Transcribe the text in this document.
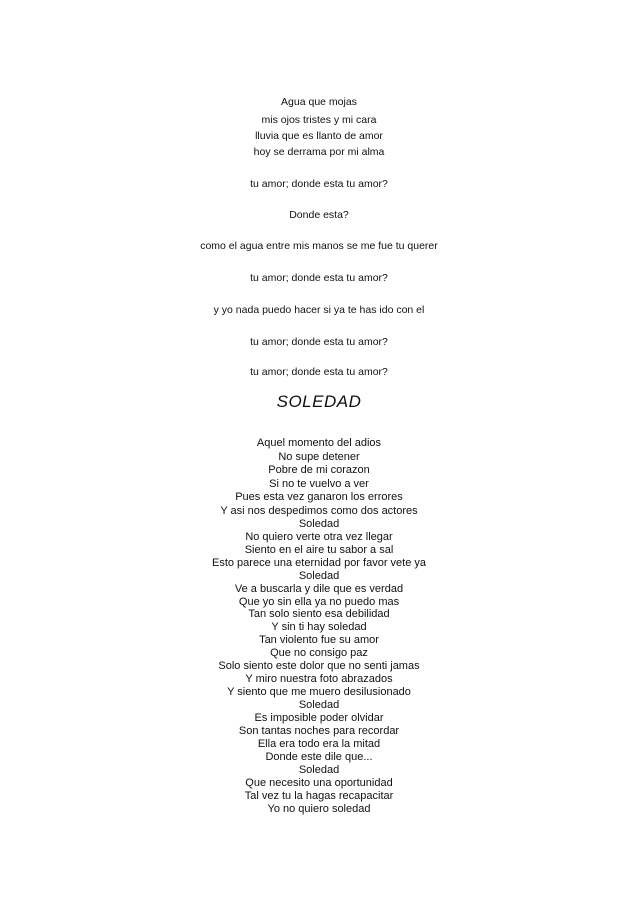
Agua que mojas
mis ojos tristes y mi cara
lluvia que es llanto de amor
hoy se derrama por mi alma
tu amor; donde esta tu amor?
Donde esta?
como el agua entre mis manos se me fue tu querer
tu amor; donde esta tu amor?
y yo nada puedo hacer si ya te has ido con el
tu amor; donde esta tu amor?
tu amor; donde esta tu amor?
SOLEDAD
Aquel momento del adios
No supe detener
Pobre de mi corazon
Si no te vuelvo a ver
Pues esta vez ganaron los errores
Y asi nos despedimos como dos actores
Soledad
No quiero verte otra vez llegar
Siento en el aire tu sabor a sal
Esto parece una eternidad por favor vete ya
Soledad
Ve a buscarla y dile que es verdad
Que yo sin ella ya no puedo mas
Tan solo siento esa debilidad
Y sin ti hay soledad
Tan violento fue su amor
Que no consigo paz
Solo siento este dolor que no senti jamas
Y miro nuestra foto abrazados
Y siento que me muero desilusionado
Soledad
Es imposible poder olvidar
Son tantas noches para recordar
Ella era todo era la mitad
Donde este dile que...
Soledad
Que necesito una oportunidad
Tal vez tu la hagas recapacitar
Yo no quiero soledad
